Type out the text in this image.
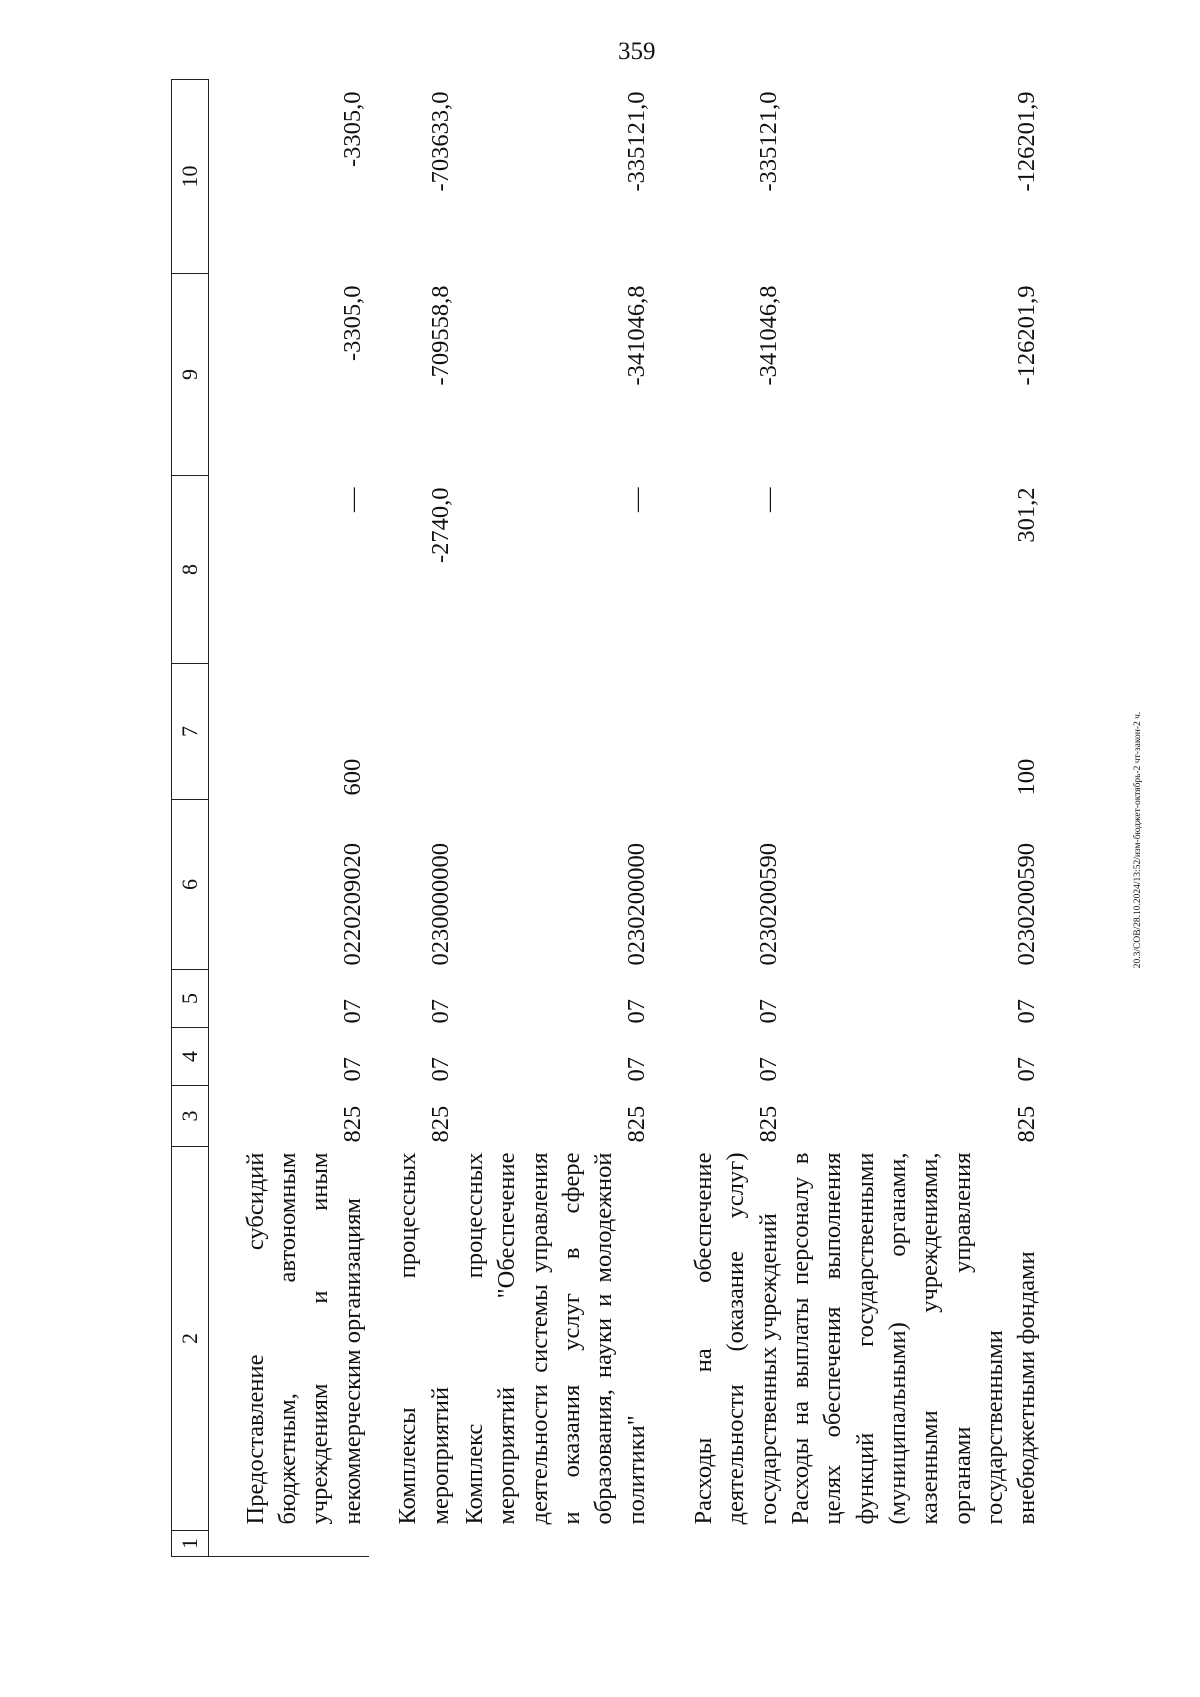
359
1	2	3	4	5	6	7	8	9	10
	Предоставление субсидий бюджетным, автономным учреждениям и иным некоммерческим организациям	825	07	07	0220209020	600	—	-3305,0	-3305,0
	Комплексы процессных мероприятий	825	07	07	0230000000		-2740,0	-709558,8	-703633,0
	Комплекс процессных мероприятий "Обеспечение деятельности системы управления и оказания услуг в сфере образования, науки и молодежной политики"	825	07	07	0230200000		—	-341046,8	-335121,0
	Расходы на обеспечение деятельности (оказание услуг) государственных учреждений	825	07	07	0230200590		—	-341046,8	-335121,0
	Расходы на выплаты персоналу в целях обеспечения выполнения функций государственными (муниципальными) органами, казенными учреждениями, органами управления государственными внебюджетными фондами	825	07	07	0230200590	100	301,2	-126201,9	-126201,9
20.3/СОВ/28.10.2024/13:52/изм-бюджет-октябрь-2 чт-закон-2 ч.
